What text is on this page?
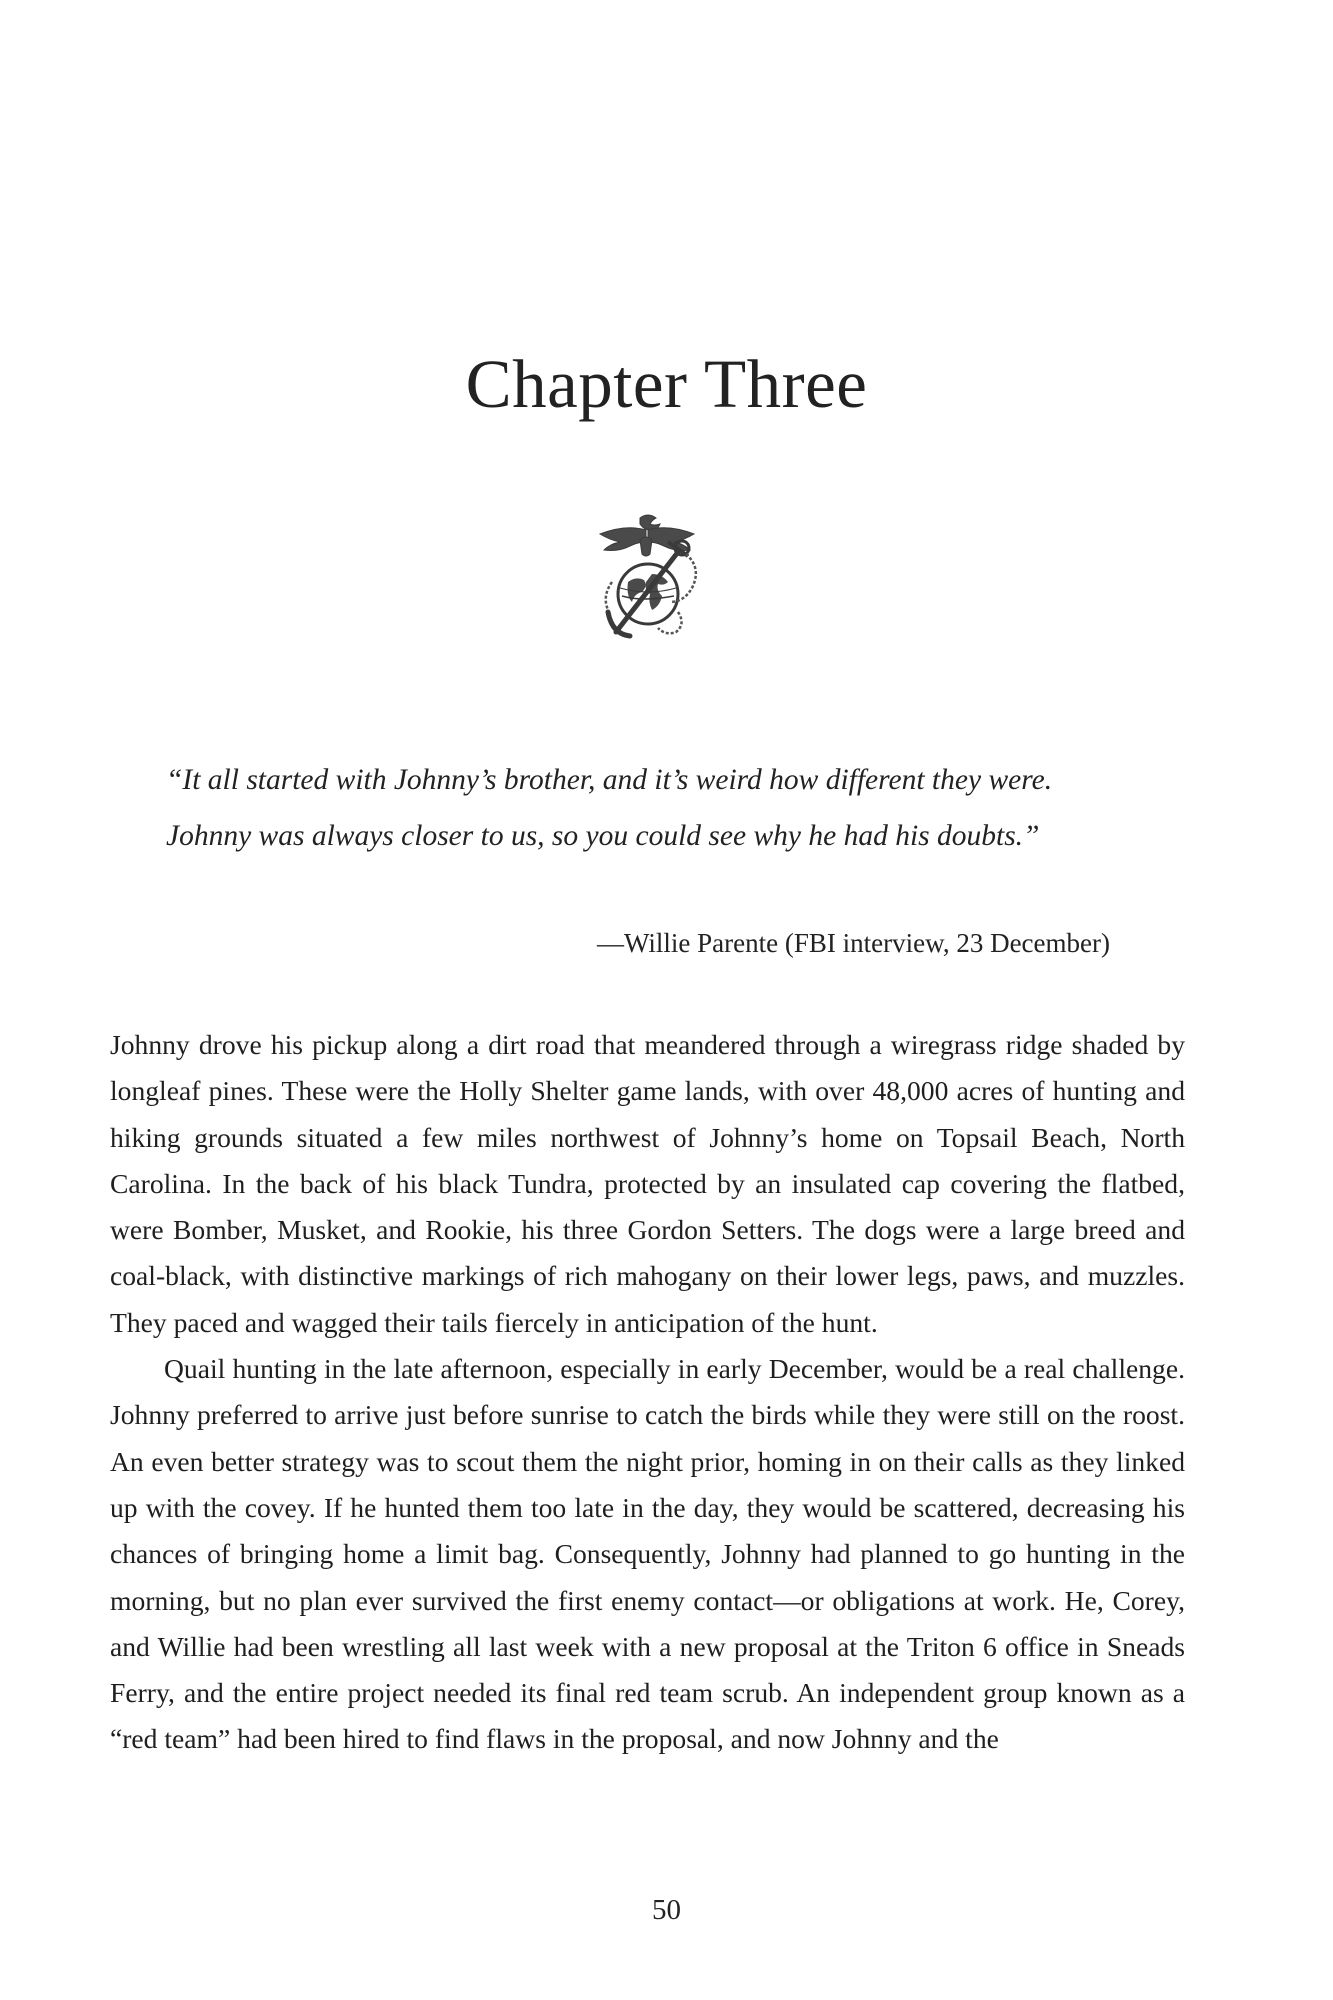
Chapter Three

“It all started with Johnny’s brother, and it’s weird how different they were. Johnny was always closer to us, so you could see why he had his doubts.”

—Willie Parente (FBI interview, 23 December)

Johnny drove his pickup along a dirt road that meandered through a wiregrass ridge shaded by longleaf pines. These were the Holly Shelter game lands, with over 48,000 acres of hunting and hiking grounds situated a few miles northwest of Johnny’s home on Topsail Beach, North Carolina. In the back of his black Tundra, protected by an insulated cap covering the flatbed, were Bomber, Musket, and Rookie, his three Gordon Setters. The dogs were a large breed and coal-black, with distinctive markings of rich mahogany on their lower legs, paws, and muzzles. They paced and wagged their tails fiercely in anticipation of the hunt.

Quail hunting in the late afternoon, especially in early December, would be a real challenge. Johnny preferred to arrive just before sunrise to catch the birds while they were still on the roost. An even better strategy was to scout them the night prior, homing in on their calls as they linked up with the covey. If he hunted them too late in the day, they would be scattered, decreasing his chances of bringing home a limit bag. Consequently, Johnny had planned to go hunting in the morning, but no plan ever survived the first enemy contact—or obligations at work. He, Corey, and Willie had been wrestling all last week with a new proposal at the Triton 6 office in Sneads Ferry, and the entire project needed its final red team scrub. An independent group known as a “red team” had been hired to find flaws in the proposal, and now Johnny and the

50
